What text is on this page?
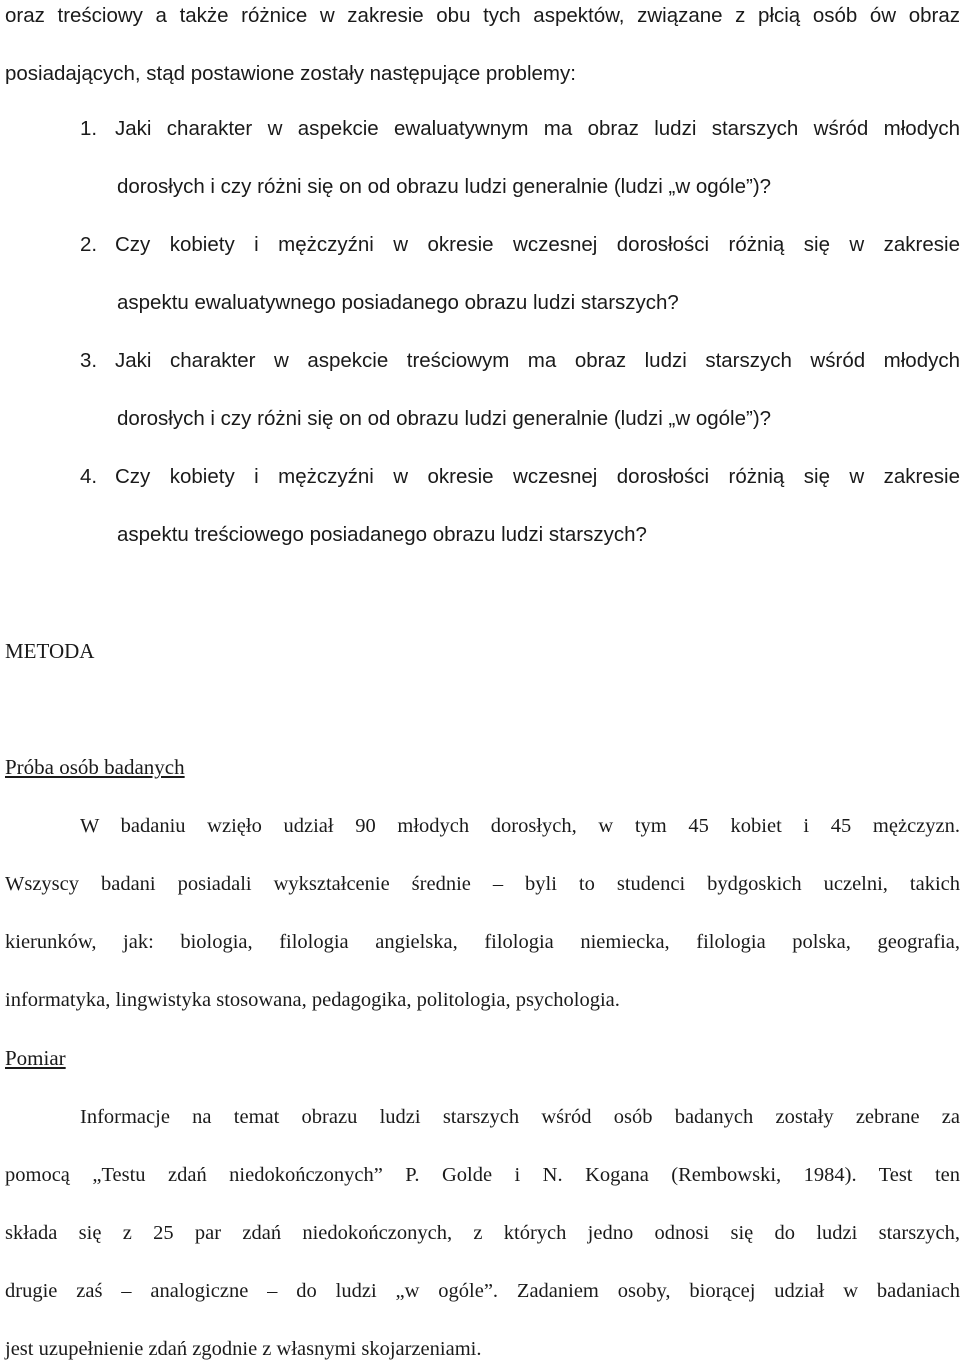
oraz treściowy a także różnice w zakresie obu tych aspektów, związane z płcią osób ów obraz
posiadających, stąd postawione zostały następujące problemy:
1. Jaki charakter w aspekcie ewaluatywnym ma obraz ludzi starszych wśród młodych
dorosłych i czy różni się on od obrazu ludzi generalnie (ludzi „w ogóle”)?
2. Czy kobiety i mężczyźni w okresie wczesnej dorosłości różnią się w zakresie
aspektu ewaluatywnego posiadanego obrazu ludzi starszych?
3. Jaki charakter w aspekcie treściowym ma obraz ludzi starszych wśród młodych
dorosłych i czy różni się on od obrazu ludzi generalnie (ludzi „w ogóle”)?
4. Czy kobiety i mężczyźni w okresie wczesnej dorosłości różnią się w zakresie
aspektu treściowego posiadanego obrazu ludzi starszych?
METODA
Próba osób badanych
W badaniu wzięło udział 90 młodych dorosłych, w tym 45 kobiet i 45 mężczyzn.
Wszyscy badani posiadali wykształcenie średnie – byli to studenci bydgoskich uczelni, takich
kierunków, jak: biologia, filologia angielska, filologia niemiecka, filologia polska, geografia,
informatyka, lingwistyka stosowana, pedagogika, politologia, psychologia.
Pomiar
Informacje na temat obrazu ludzi starszych wśród osób badanych zostały zebrane za
pomocą „Testu zdań niedokończonych” P. Golde i N. Kogana (Rembowski, 1984). Test ten
składa się z 25 par zdań niedokończonych, z których jedno odnosi się do ludzi starszych,
drugie zaś – analogiczne – do ludzi „w ogóle”. Zadaniem osoby, biorącej udział w badaniach
jest uzupełnienie zdań zgodnie z własnymi skojarzeniami.
